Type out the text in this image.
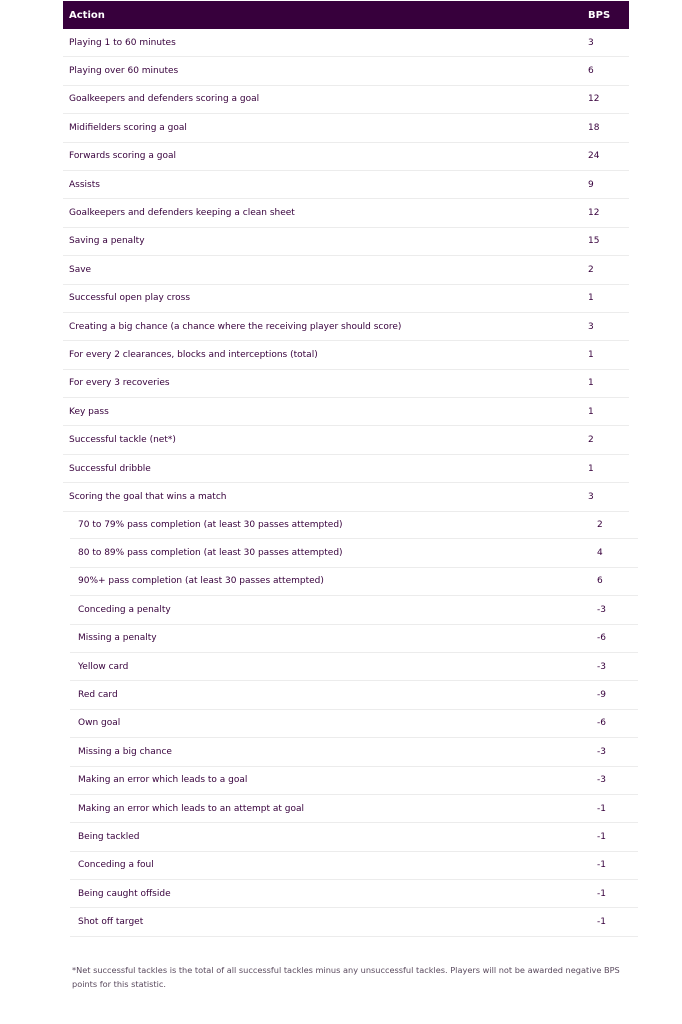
Action	BPS
Playing 1 to 60 minutes	3
Playing over 60 minutes	6
Goalkeepers and defenders scoring a goal	12
Midifielders scoring a goal	18
Forwards scoring a goal	24
Assists	9
Goalkeepers and defenders keeping a clean sheet	12
Saving a penalty	15
Save	2
Successful open play cross	1
Creating a big chance (a chance where the receiving player should score)	3
For every 2 clearances, blocks and interceptions (total)	1
For every 3 recoveries	1
Key pass	1
Successful tackle (net*)	2
Successful dribble	1
Scoring the goal that wins a match	3
70 to 79% pass completion (at least 30 passes attempted)	2
80 to 89% pass completion (at least 30 passes attempted)	4
90%+ pass completion (at least 30 passes attempted)	6
Conceding a penalty	-3
Missing a penalty	-6
Yellow card	-3
Red card	-9
Own goal	-6
Missing a big chance	-3
Making an error which leads to a goal	-3
Making an error which leads to an attempt at goal	-1
Being tackled	-1
Conceding a foul	-1
Being caught offside	-1
Shot off target	-1
*Net successful tackles is the total of all successful tackles minus any unsuccessful tackles. Players will not be awarded negative BPS points for this statistic.
